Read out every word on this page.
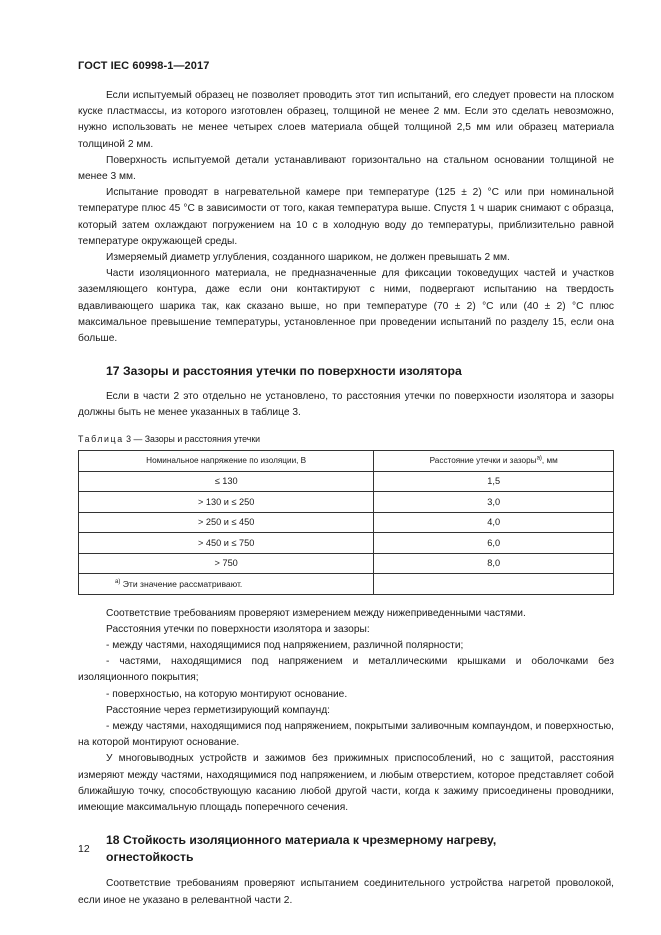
ГОСТ IEC 60998-1—2017

Если испытуемый образец не позволяет проводить этот тип испытаний, его следует провести на плоском куске пластмассы, из которого изготовлен образец, толщиной не менее 2 мм. Если это сделать невозможно, нужно использовать не менее четырех слоев материала общей толщиной 2,5 мм или образец материала толщиной 2 мм.

Поверхность испытуемой детали устанавливают горизонтально на стальном основании толщиной не менее 3 мм.

Испытание проводят в нагревательной камере при температуре (125 ± 2) °С или при номинальной температуре плюс 45 °С в зависимости от того, какая температура выше. Спустя 1 ч шарик снимают с образца, который затем охлаждают погружением на 10 с в холодную воду до температуры, приблизительно равной температуре окружающей среды.

Измеряемый диаметр углубления, созданного шариком, не должен превышать 2 мм.

Части изоляционного материала, не предназначенные для фиксации токоведущих частей и участков заземляющего контура, даже если они контактируют с ними, подвергают испытанию на твердость вдавливающего шарика так, как сказано выше, но при температуре (70 ± 2) °С или (40 ± 2) °С плюс максимальное превышение температуры, установленное при проведении испытаний по разделу 15, если она больше.

17 Зазоры и расстояния утечки по поверхности изолятора

Если в части 2 это отдельно не установлено, то расстояния утечки по поверхности изолятора и зазоры должны быть не менее указанных в таблице 3.

Таблица 3 — Зазоры и расстояния утечки
Номинальное напряжение по изоляции, В	Расстояние утечки и зазоры$^{а)}$, мм
≤ 130	1,5
> 130 и ≤ 250	3,0
> 250 и ≤ 450	4,0
> 450 и ≤ 750	6,0
> 750	8,0
$^{а)}$ Эти значение рассматривают.	

Соответствие требованиям проверяют измерением между нижеприведенными частями.

Расстояния утечки по поверхности изолятора и зазоры:

- между частями, находящимися под напряжением, различной полярности;

- частями, находящимися под напряжением и металлическими крышками и оболочками без изоляционного покрытия;

- поверхностью, на которую монтируют основание.

Расстояние через герметизирующий компаунд:

- между частями, находящимися под напряжением, покрытыми заливочным компаундом, и поверхностью, на которой монтируют основание.

У многовыводных устройств и зажимов без прижимных приспособлений, но с защитой, расстояния измеряют между частями, находящимися под напряжением, и любым отверстием, которое представляет собой ближайшую точку, способствующую касанию любой другой части, когда к зажиму присоединены проводники, имеющие максимальную площадь поперечного сечения.

18 Стойкость изоляционного материала к чрезмерному нагреву,
огнестойкость

Соответствие требованиям проверяют испытанием соединительного устройства нагретой проволокой, если иное не указано в релевантной части 2.

12
